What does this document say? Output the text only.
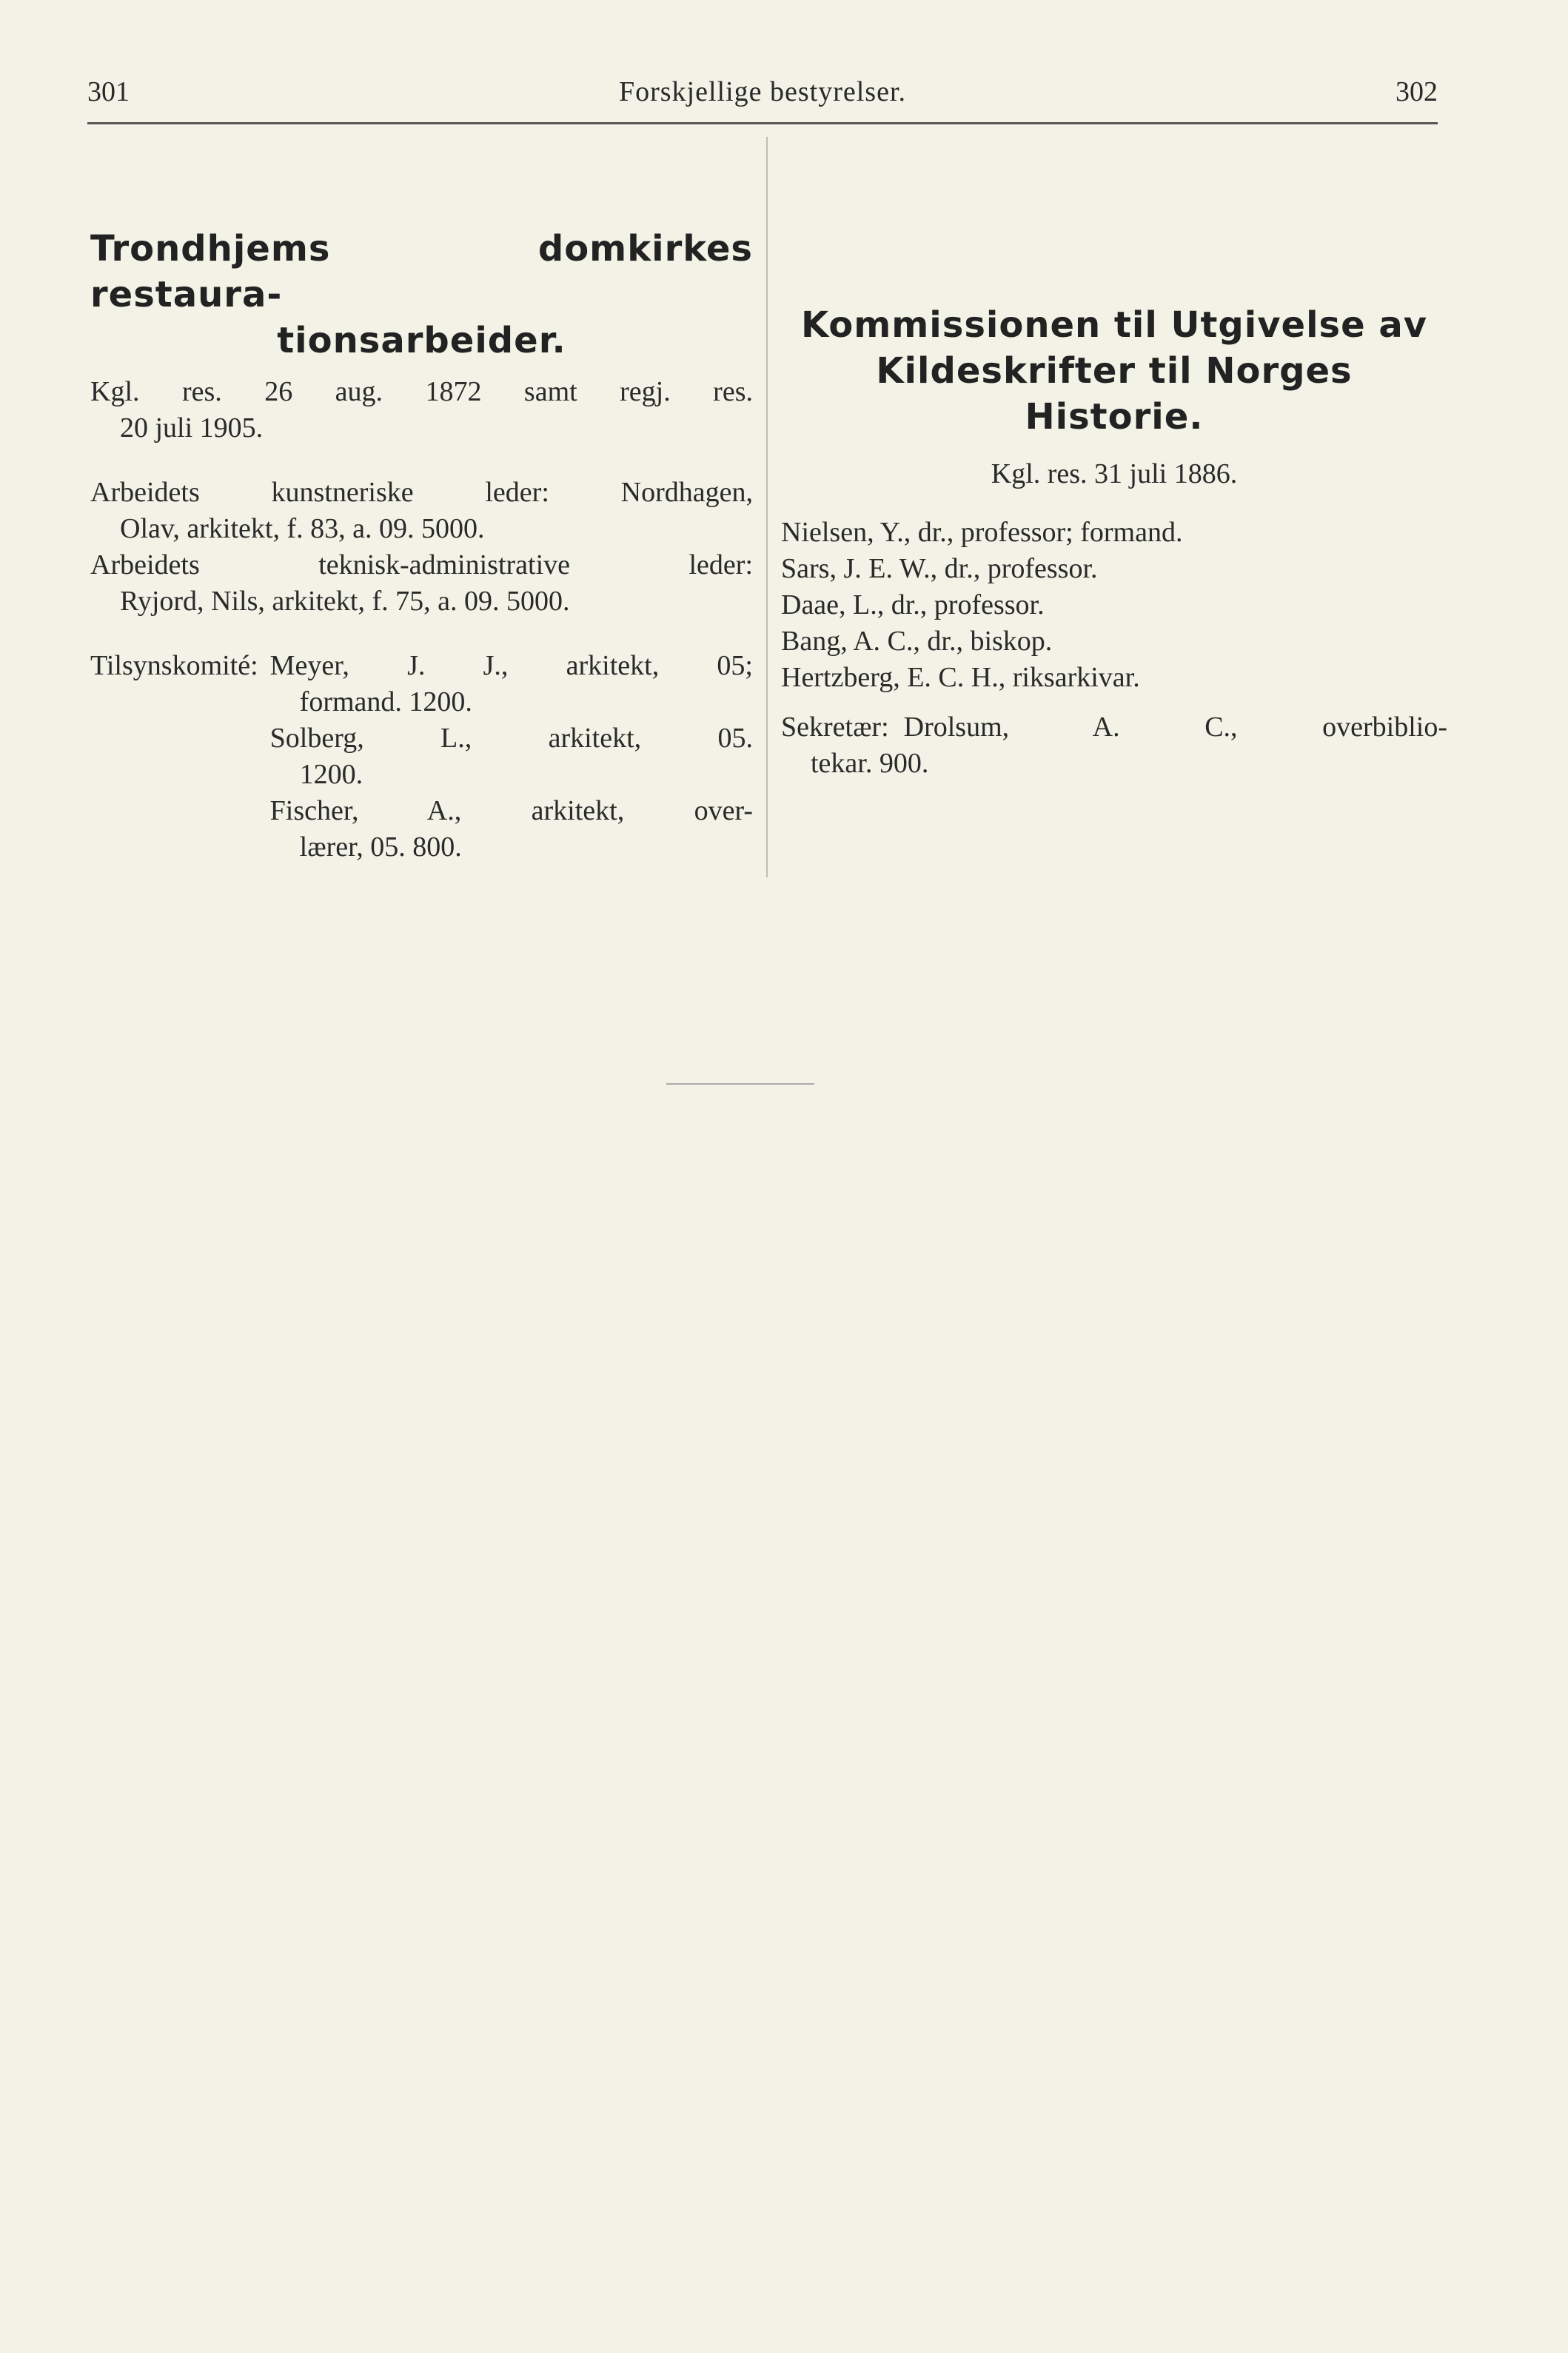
301	Forskjellige bestyrelser.	302
Trondhjems domkirkes restaura-
tionsarbeider.

Kgl. res. 26 aug. 1872 samt regj. res.

20 juli 1905.

Arbeidets kunstneriske leder: Nordhagen,

Olav, arkitekt, f. 83, a. 09. 5000.

Arbeidets teknisk-administrative leder:

Ryjord, Nils, arkitekt, f. 75, a. 09. 5000.

Tilsynskomité: Meyer, J. J., arkitekt, 05;

formand. 1200.

Solberg, L., arkitekt, 05.

1200.

Fischer, A., arkitekt, over-

lærer, 05. 800.

Kommissionen til Utgivelse av
Kildeskrifter til Norges Historie.

Kgl. res. 31 juli 1886.

Nielsen, Y., dr., professor; formand.

Sars, J. E. W., dr., professor.

Daae, L., dr., professor.

Bang, A. C., dr., biskop.

Hertzberg, E. C. H., riksarkivar.

Sekretær: Drolsum, A. C., overbiblio-

tekar. 900.
